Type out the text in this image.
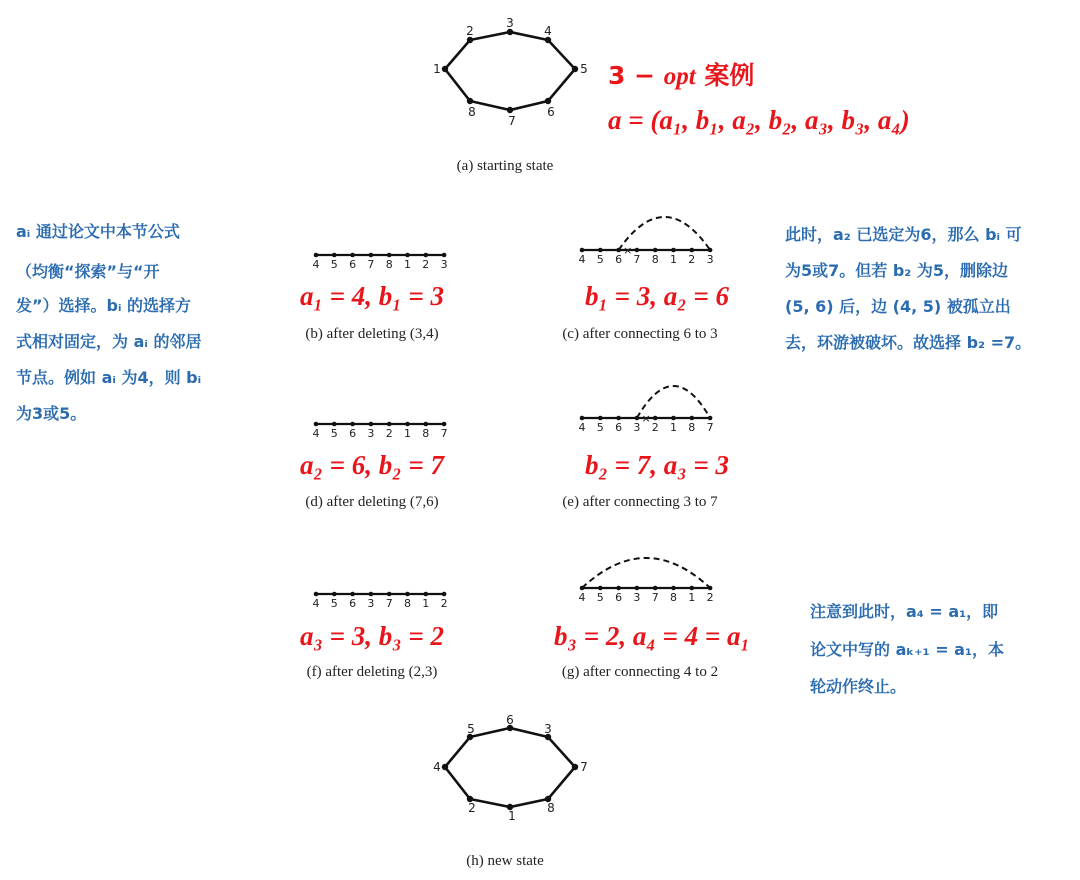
1
2
3
4
5
6
7
8
(a) starting state
3 − opt 案例
a = (a₁, b₁, a₂, b₂, a₃, b₃, a₄)
4 5 6 7 8 1 2 3
a₁ = 4, b₁ = 3
(b) after deleting (3,4)
4 5 6 7 8 1 2 3
×
b₁ = 3, a₂ = 6
(c) after connecting 6 to 3
4 5 6 3 2 1 8 7
a₂ = 6, b₂ = 7
(d) after deleting (7,6)
4 5 6 3 2 1 8 7
×
b₂ = 7, a₃ = 3
(e) after connecting 3 to 7
4 5 6 3 7 8 1 2
a₃ = 3, b₃ = 2
(f) after deleting (2,3)
4 5 6 3 7 8 1 2
b₃ = 2, a₄ = 4 = a₁
(g) after connecting 4 to 2
4
5
6
3
7
8
1
2
(h) new state
aᵢ 通过论文中本节公式
（均衡“探索”与“开
发”）选择。bᵢ 的选择方
式相对固定，为 aᵢ 的邻居
节点。例如 aᵢ 为4，则 bᵢ
为3或5。
此时，a₂ 已选定为6，那么 bᵢ 可
为5或7。但若 b₂ 为5，删除边
(5, 6) 后，边 (4, 5) 被孤立出
去，环游被破坏。故选择 b₂ =7。
注意到此时，a₄ = a₁，即
论文中写的 aₖ₊₁ = a₁，本
轮动作终止。
